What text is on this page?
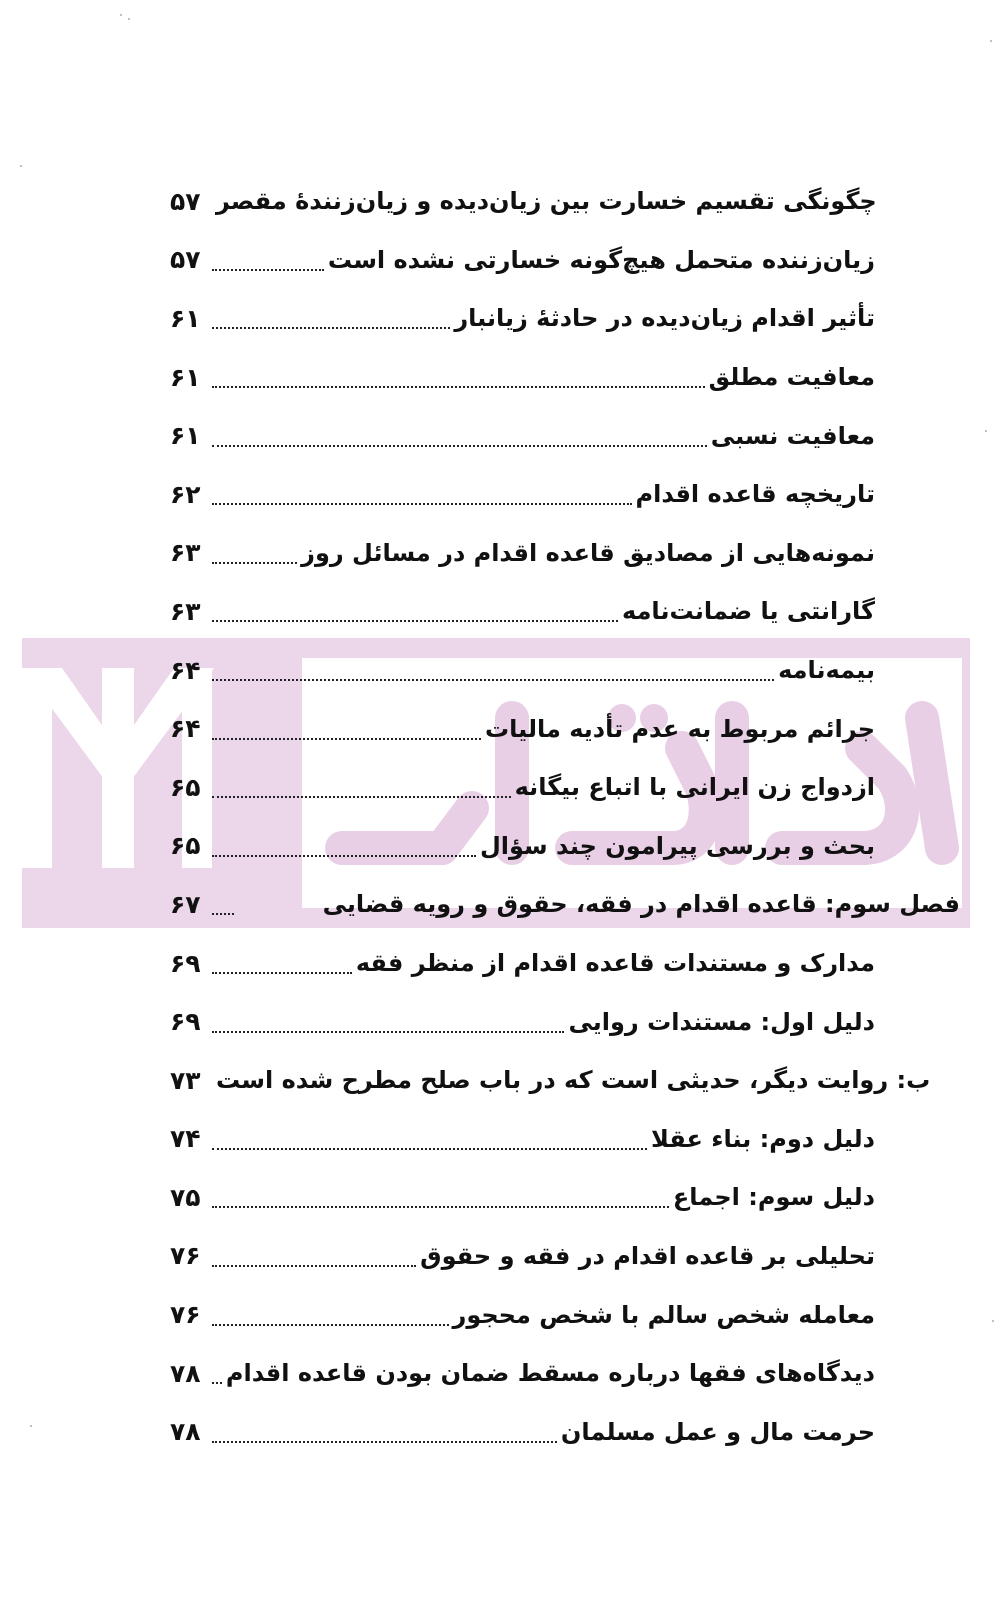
۵۷ چگونگی تقسیم خسارت بین زیان‌دیده و زیان‌زنندهٔ مقصر
۵۷	زیان‌زننده متحمل هیچ‌گونه خسارتی نشده است
۶۱	تأثیر اقدام زیان‌دیده در حادثهٔ زیانبار
۶۱	معافیت مطلق
۶۱	معافیت نسبی
۶۲	تاریخچه قاعده اقدام
۶۳	نمونه‌هایی از مصادیق قاعده اقدام در مسائل روز
۶۳	گارانتی یا ضمانت‌نامه
۶۴	بیمه‌نامه
۶۴	جرائم مربوط به عدم تأدیه مالیات
۶۵	ازدواج زن ایرانی با اتباع بیگانه
۶۵	بحث و بررسی پیرامون چند سؤال
۶۷	فصل سوم: قاعده اقدام در فقه، حقوق و رویه قضایی
۶۹	مدارک و مستندات قاعده اقدام از منظر فقه
۶۹	دلیل اول: مستندات روایی
۷۳ ب: روایت دیگر، حدیثی است که در باب صلح مطرح شده است
۷۴	دلیل دوم: بناء عقلا
۷۵	دلیل سوم: اجماع
۷۶	تحلیلی بر قاعده اقدام در فقه و حقوق
۷۶	معامله شخص سالم با شخص محجور
۷۸	دیدگاه‌های فقها درباره مسقط ضمان بودن قاعده اقدام
۷۸	حرمت مال و عمل مسلمان
